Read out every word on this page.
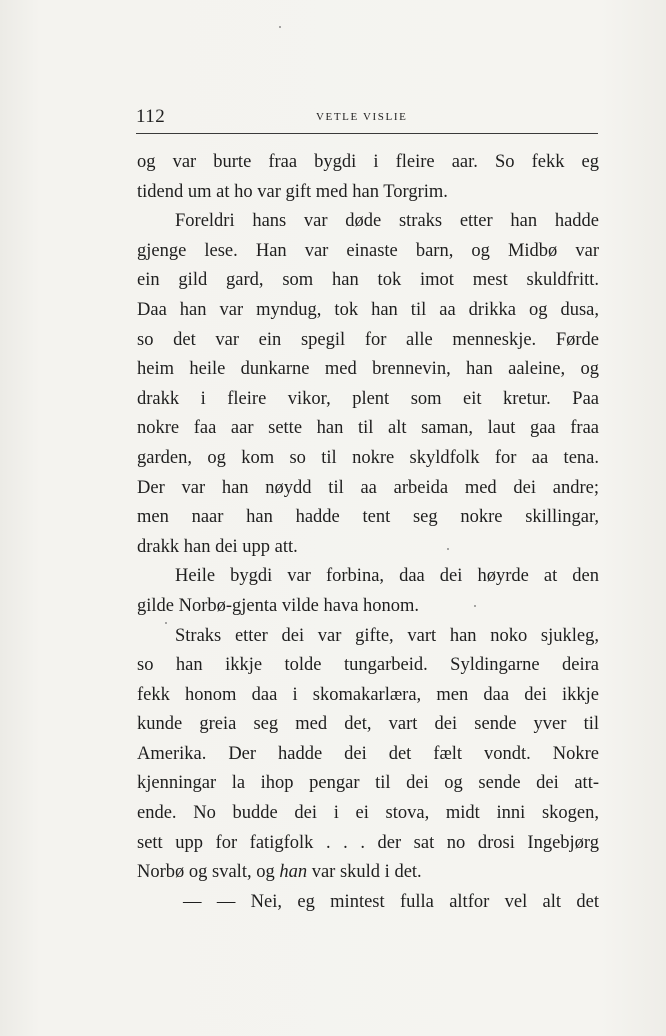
112	VETLE VISLIE
og var burte fraa bygdi i fleire aar. So fekk eg
tidend um at ho var gift med han Torgrim.
Foreldri hans var døde straks etter han hadde
gjenge lese. Han var einaste barn, og Midbø var
ein gild gard, som han tok imot mest skuldfritt.
Daa han var myndug, tok han til aa drikka og dusa,
so det var ein spegil for alle menneskje. Førde
heim heile dunkarne med brennevin, han aaleine, og
drakk i fleire vikor, plent som eit kretur. Paa
nokre faa aar sette han til alt saman, laut gaa fraa
garden, og kom so til nokre skyldfolk for aa tena.
Der var han nøydd til aa arbeida med dei andre;
men naar han hadde tent seg nokre skillingar,
drakk han dei upp att.
Heile bygdi var forbina, daa dei høyrde at den
gilde Norbø-gjenta vilde hava honom.
Straks etter dei var gifte, vart han noko sjukleg,
so han ikkje tolde tungarbeid. Syldingarne deira
fekk honom daa i skomakarlæra, men daa dei ikkje
kunde greia seg med det, vart dei sende yver til
Amerika. Der hadde dei det fælt vondt. Nokre
kjenningar la ihop pengar til dei og sende dei att-
ende. No budde dei i ei stova, midt inni skogen,
sett upp for fatigfolk . . . der sat no drosi Ingebjørg
Norbø og svalt, og han var skuld i det.
— — Nei, eg mintest fulla altfor vel alt det
